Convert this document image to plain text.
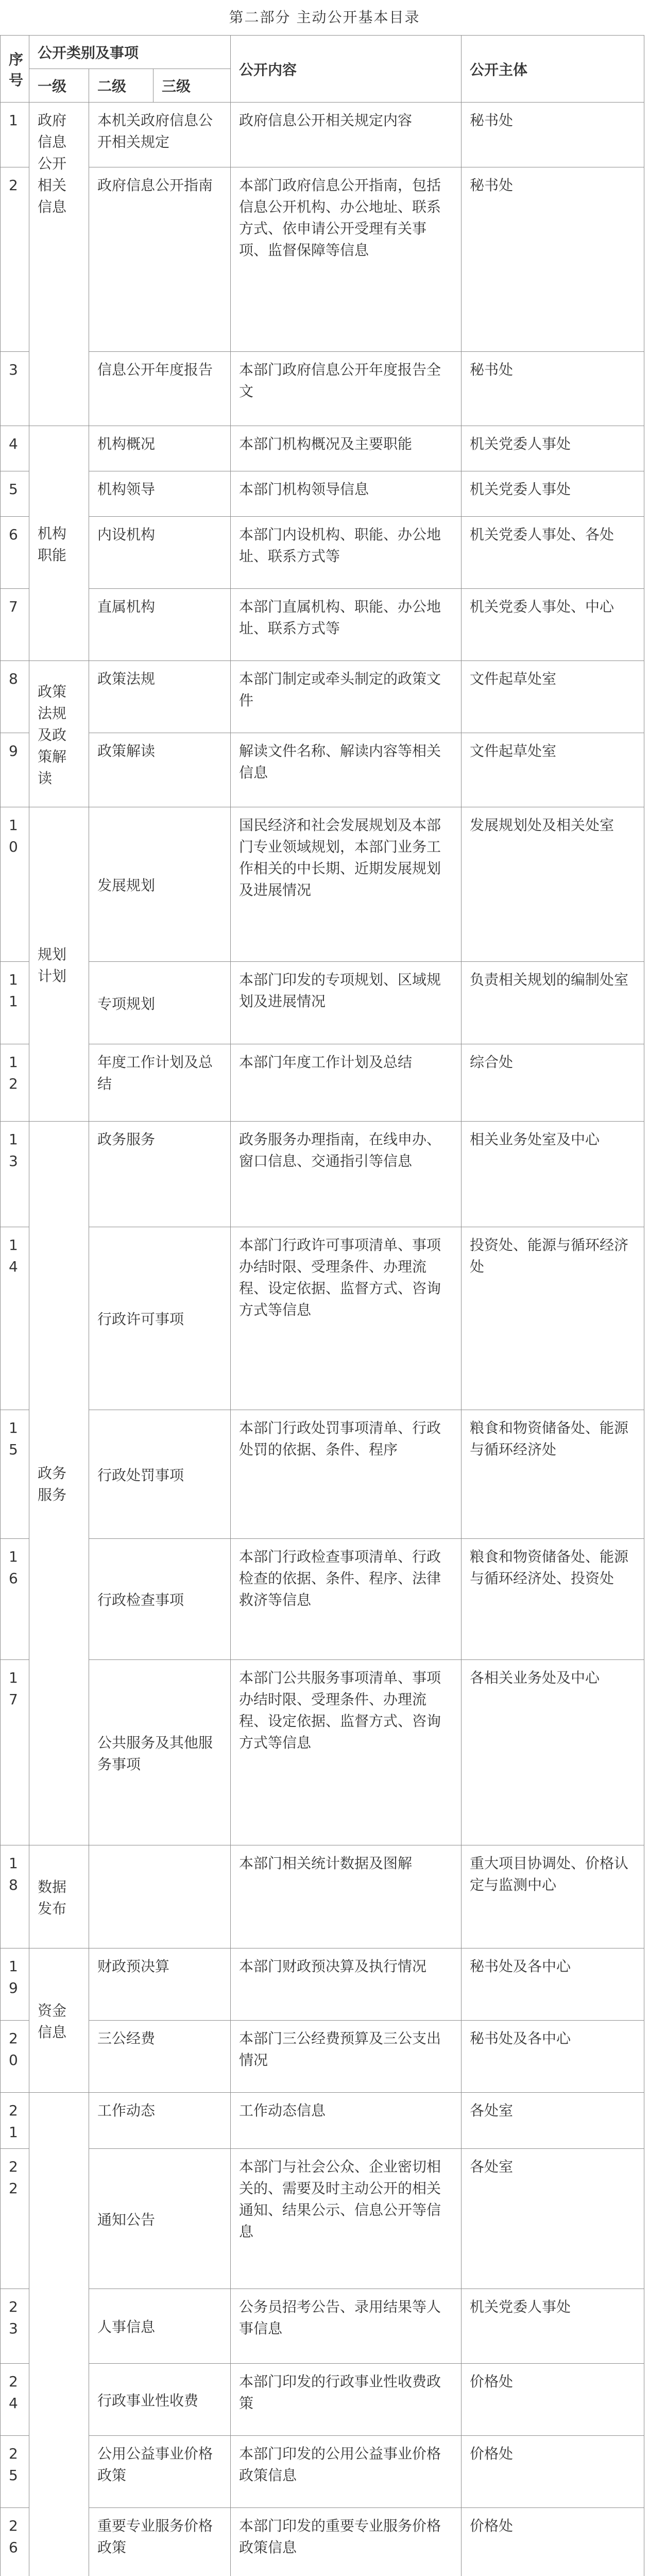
第二部分 主动公开基本目录
序号	公开类别及事项			公开内容	公开主体
	一级	二级	三级		
1	政府信息公开相关信息	本机关政府信息公开相关规定		政府信息公开相关规定内容	秘书处
2		政府信息公开指南		本部门政府信息公开指南，包括信息公开机构、办公地址、联系方式、依申请公开受理有关事项、监督保障等信息	秘书处
3		信息公开年度报告		本部门政府信息公开年度报告全文	秘书处
4	机构职能	机构概况		本部门机构概况及主要职能	机关党委人事处
5		机构领导		本部门机构领导信息	机关党委人事处
6		内设机构		本部门内设机构、职能、办公地址、联系方式等	机关党委人事处、各处
7		直属机构		本部门直属机构、职能、办公地址、联系方式等	机关党委人事处、中心
8	政策法规及政策解读	政策法规		本部门制定或牵头制定的政策文件	文件起草处室
9		政策解读		解读文件名称、解读内容等相关信息	文件起草处室
10	规划计划	发展规划		国民经济和社会发展规划及本部门专业领域规划，本部门业务工作相关的中长期、近期发展规划及进展情况	发展规划处及相关处室
11		专项规划		本部门印发的专项规划、区域规划及进展情况	负责相关规划的编制处室
12		年度工作计划及总结		本部门年度工作计划及总结	综合处
13	政务服务	政务服务		政务服务办理指南，在线申办、窗口信息、交通指引等信息	相关业务处室及中心
14		行政许可事项		本部门行政许可事项清单、事项办结时限、受理条件、办理流程、设定依据、监督方式、咨询方式等信息	投资处、能源与循环经济处
15		行政处罚事项		本部门行政处罚事项清单、行政处罚的依据、条件、程序	粮食和物资储备处、能源与循环经济处
16		行政检查事项		本部门行政检查事项清单、行政检查的依据、条件、程序、法律救济等信息	粮食和物资储备处、能源与循环经济处、投资处
17		公共服务及其他服务事项		本部门公共服务事项清单、事项办结时限、受理条件、办理流程、设定依据、监督方式、咨询方式等信息	各相关业务处及中心
18	数据发布			本部门相关统计数据及图解	重大项目协调处、价格认定与监测中心
19	资金信息	财政预决算		本部门财政预决算及执行情况	秘书处及各中心
20		三公经费		本部门三公经费预算及三公支出情况	秘书处及各中心
21		工作动态		工作动态信息	各处室
22		通知公告		本部门与社会公众、企业密切相关的、需要及时主动公开的相关通知、结果公示、信息公开等信息	各处室
23		人事信息		公务员招考公告、录用结果等人事信息	机关党委人事处
24		行政事业性收费		本部门印发的行政事业性收费政策	价格处
25		公用公益事业价格政策		本部门印发的公用公益事业价格政策信息	价格处
26		重要专业服务价格政策		本部门印发的重要专业服务价格政策信息	价格处
